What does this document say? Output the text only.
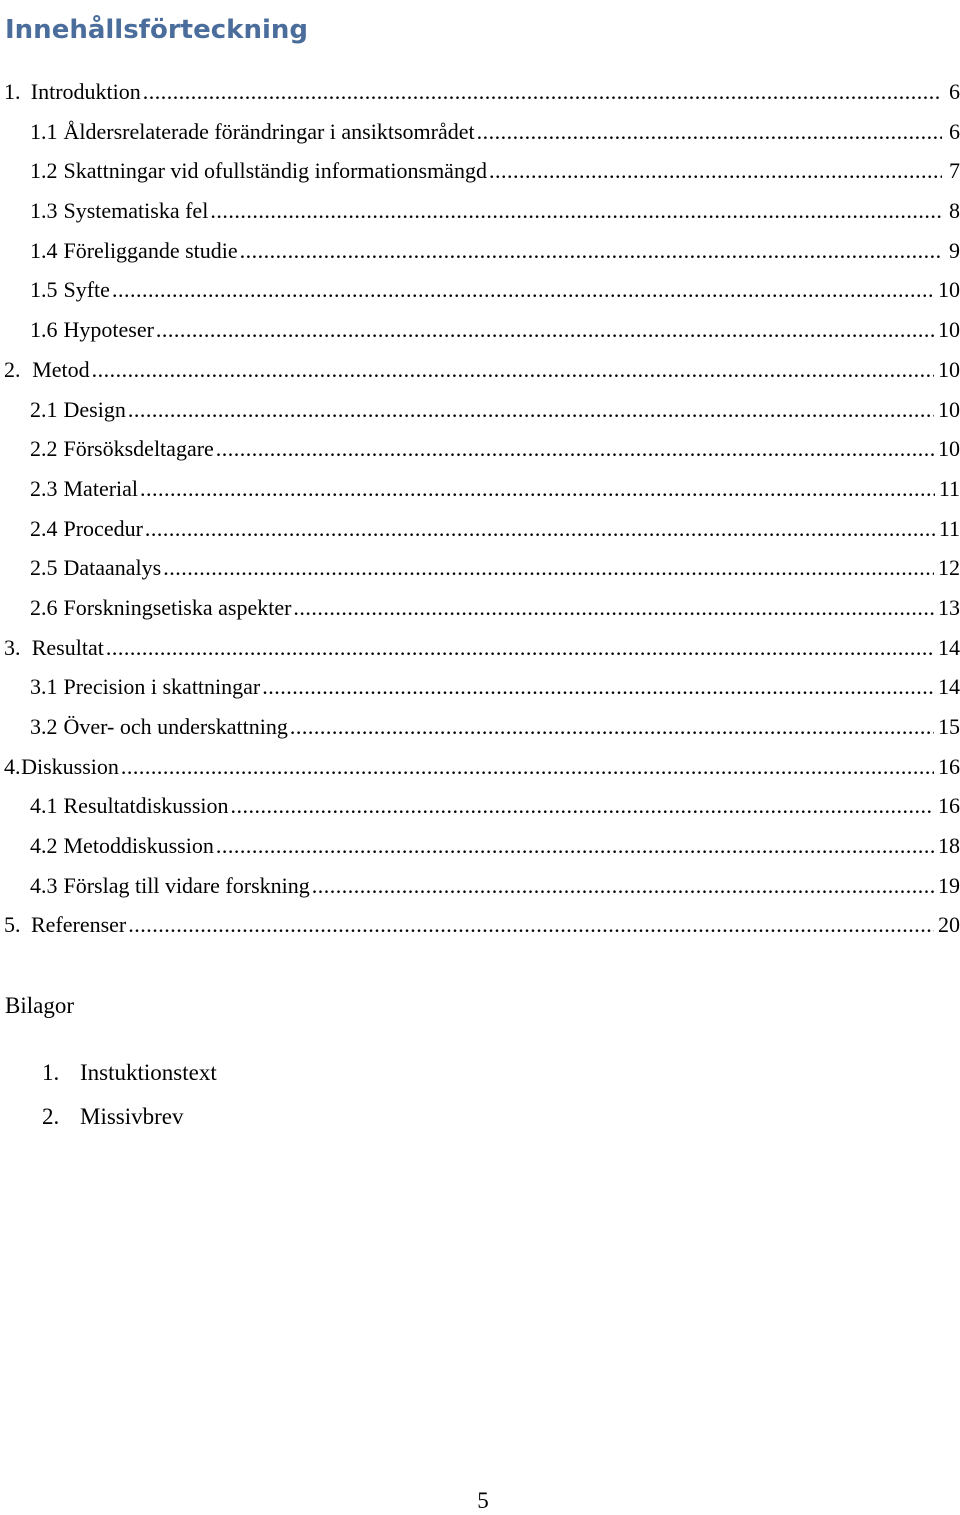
Innehållsförteckning
1. Introduktion .....	6
1.1 Åldersrelaterade förändringar i ansiktsområdet .....	6
1.2 Skattningar vid ofullständig informationsmängd .....	7
1.3 Systematiska fel .....	8
1.4 Föreliggande studie .....	9
1.5 Syfte .....	10
1.6 Hypoteser .....	10
2. Metod .....	10
2.1 Design .....	10
2.2 Försöksdeltagare .....	10
2.3 Material .....	11
2.4 Procedur .....	11
2.5 Dataanalys .....	12
2.6 Forskningsetiska aspekter .....	13
3. Resultat .....	14
3.1 Precision i skattningar .....	14
3.2 Över- och underskattning .....	15
4. Diskussion .....	16
4.1 Resultatdiskussion .....	16
4.2 Metoddiskussion .....	18
4.3 Förslag till vidare forskning .....	19
5. Referenser .....	20
Bilagor
1. Instuktionstext
2. Missivbrev
5
